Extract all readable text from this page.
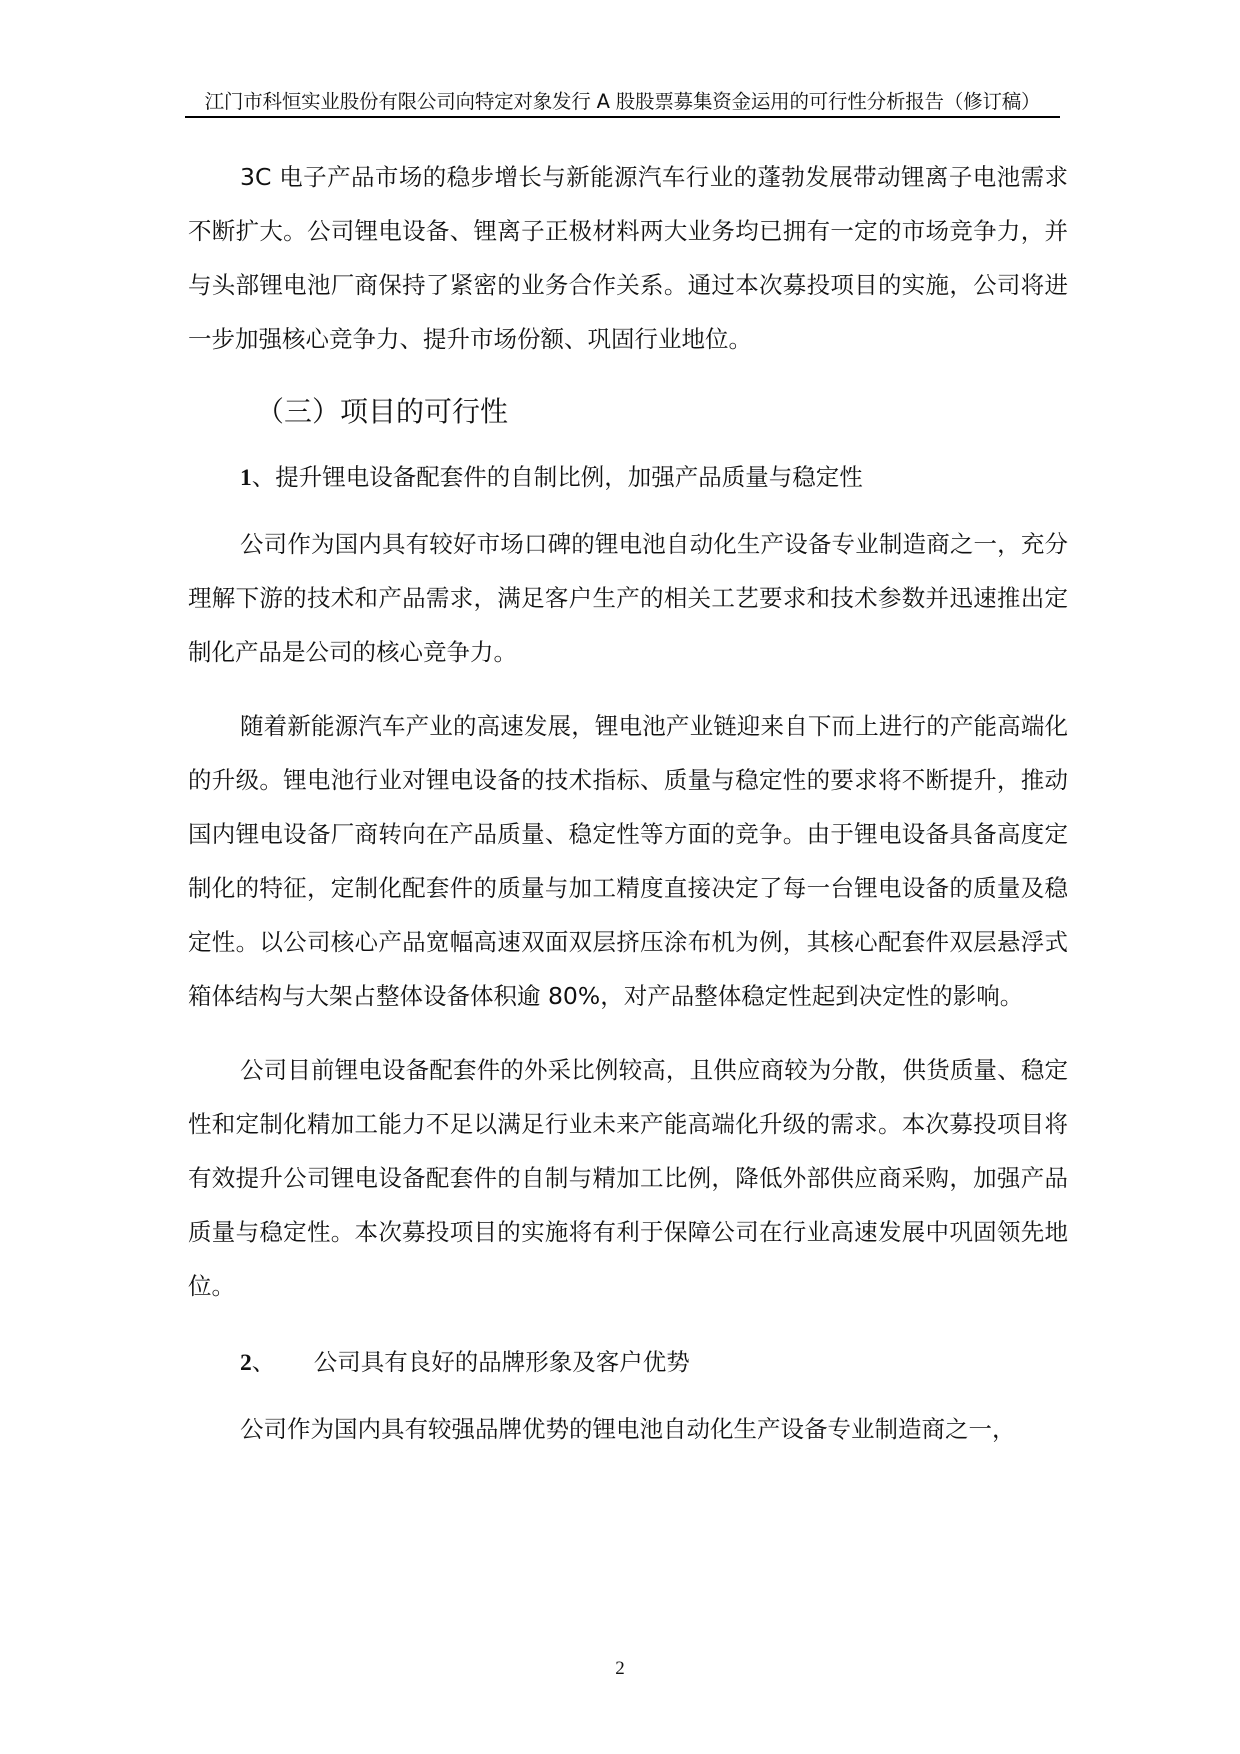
江门市科恒实业股份有限公司向特定对象发行 A 股股票募集资金运用的可行性分析报告（修订稿）

3C 电子产品市场的稳步增长与新能源汽车行业的蓬勃发展带动锂离子电池需求不断扩大。公司锂电设备、锂离子正极材料两大业务均已拥有一定的市场竞争力，并与头部锂电池厂商保持了紧密的业务合作关系。通过本次募投项目的实施，公司将进一步加强核心竞争力、提升市场份额、巩固行业地位。

（三）项目的可行性
1、提升锂电设备配套件的自制比例，加强产品质量与稳定性

公司作为国内具有较好市场口碑的锂电池自动化生产设备专业制造商之一，充分理解下游的技术和产品需求，满足客户生产的相关工艺要求和技术参数并迅速推出定制化产品是公司的核心竞争力。

随着新能源汽车产业的高速发展，锂电池产业链迎来自下而上进行的产能高端化的升级。锂电池行业对锂电设备的技术指标、质量与稳定性的要求将不断提升，推动国内锂电设备厂商转向在产品质量、稳定性等方面的竞争。由于锂电设备具备高度定制化的特征，定制化配套件的质量与加工精度直接决定了每一台锂电设备的质量及稳定性。以公司核心产品宽幅高速双面双层挤压涂布机为例，其核心配套件双层悬浮式箱体结构与大架占整体设备体积逾 80%，对产品整体稳定性起到决定性的影响。

公司目前锂电设备配套件的外采比例较高，且供应商较为分散，供货质量、稳定性和定制化精加工能力不足以满足行业未来产能高端化升级的需求。本次募投项目将有效提升公司锂电设备配套件的自制与精加工比例，降低外部供应商采购，加强产品质量与稳定性。本次募投项目的实施将有利于保障公司在行业高速发展中巩固领先地位。

2、 公司具有良好的品牌形象及客户优势

公司作为国内具有较强品牌优势的锂电池自动化生产设备专业制造商之一，

2
